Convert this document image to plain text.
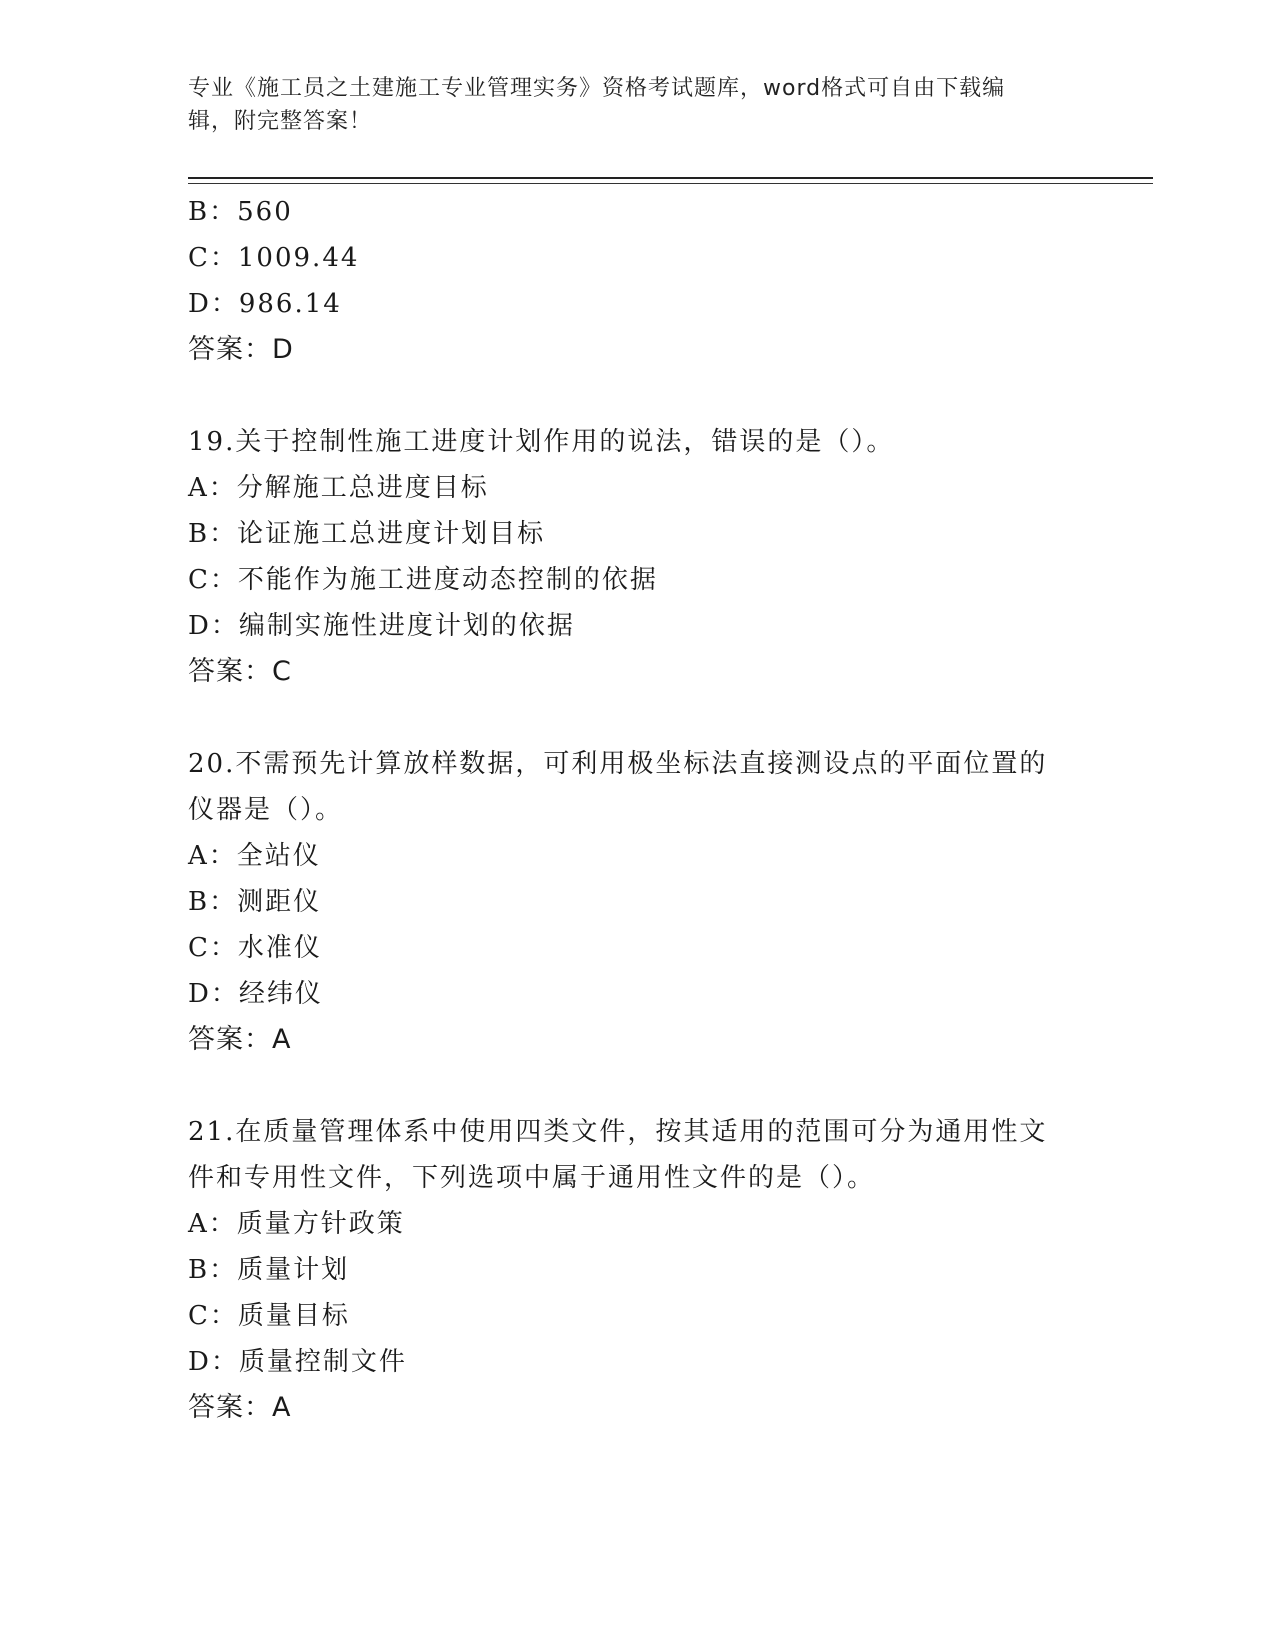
专业《施工员之土建施工专业管理实务》资格考试题库，word格式可自由下载编
辑，附完整答案！
B：560
C：1009.44
D：986.14
答案：D
19.关于控制性施工进度计划作用的说法，错误的是（）。
A：分解施工总进度目标
B：论证施工总进度计划目标
C：不能作为施工进度动态控制的依据
D：编制实施性进度计划的依据
答案：C
20.不需预先计算放样数据，可利用极坐标法直接测设点的平面位置的
仪器是（）。
A：全站仪
B：测距仪
C：水准仪
D：经纬仪
答案：A
21.在质量管理体系中使用四类文件，按其适用的范围可分为通用性文
件和专用性文件，下列选项中属于通用性文件的是（）。
A：质量方针政策
B：质量计划
C：质量目标
D：质量控制文件
答案：A
